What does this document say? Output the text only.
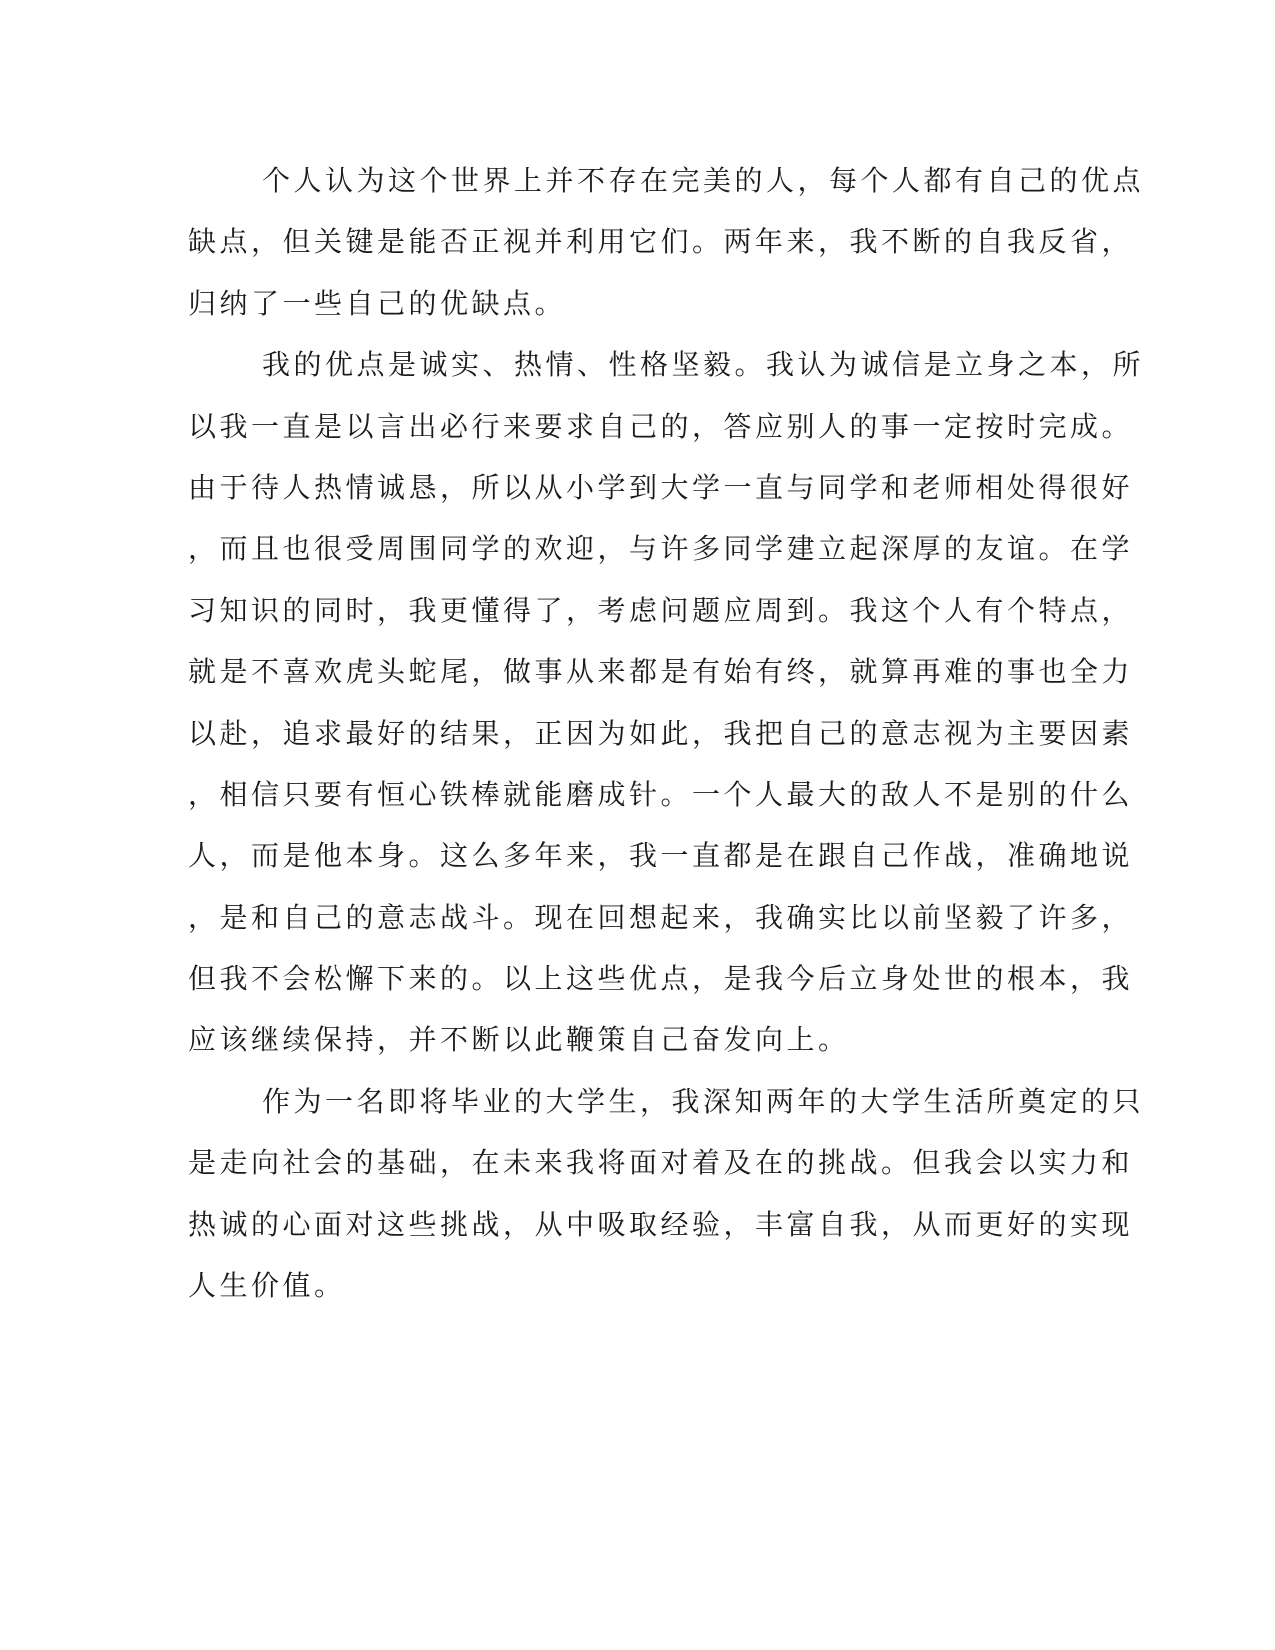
个人认为这个世界上并不存在完美的人，每个人都有自己的优点
缺点，但关键是能否正视并利用它们。两年来，我不断的自我反省，
归纳了一些自己的优缺点。
我的优点是诚实、热情、性格坚毅。我认为诚信是立身之本，所
以我一直是以言出必行来要求自己的，答应别人的事一定按时完成。
由于待人热情诚恳，所以从小学到大学一直与同学和老师相处得很好
，而且也很受周围同学的欢迎，与许多同学建立起深厚的友谊。在学
习知识的同时，我更懂得了，考虑问题应周到。我这个人有个特点，
就是不喜欢虎头蛇尾，做事从来都是有始有终，就算再难的事也全力
以赴，追求最好的结果，正因为如此，我把自己的意志视为主要因素
，相信只要有恒心铁棒就能磨成针。一个人最大的敌人不是别的什么
人，而是他本身。这么多年来，我一直都是在跟自己作战，准确地说
，是和自己的意志战斗。现在回想起来，我确实比以前坚毅了许多，
但我不会松懈下来的。以上这些优点，是我今后立身处世的根本，我
应该继续保持，并不断以此鞭策自己奋发向上。
作为一名即将毕业的大学生，我深知两年的大学生活所奠定的只
是走向社会的基础，在未来我将面对着及在的挑战。但我会以实力和
热诚的心面对这些挑战，从中吸取经验，丰富自我，从而更好的实现
人生价值。
